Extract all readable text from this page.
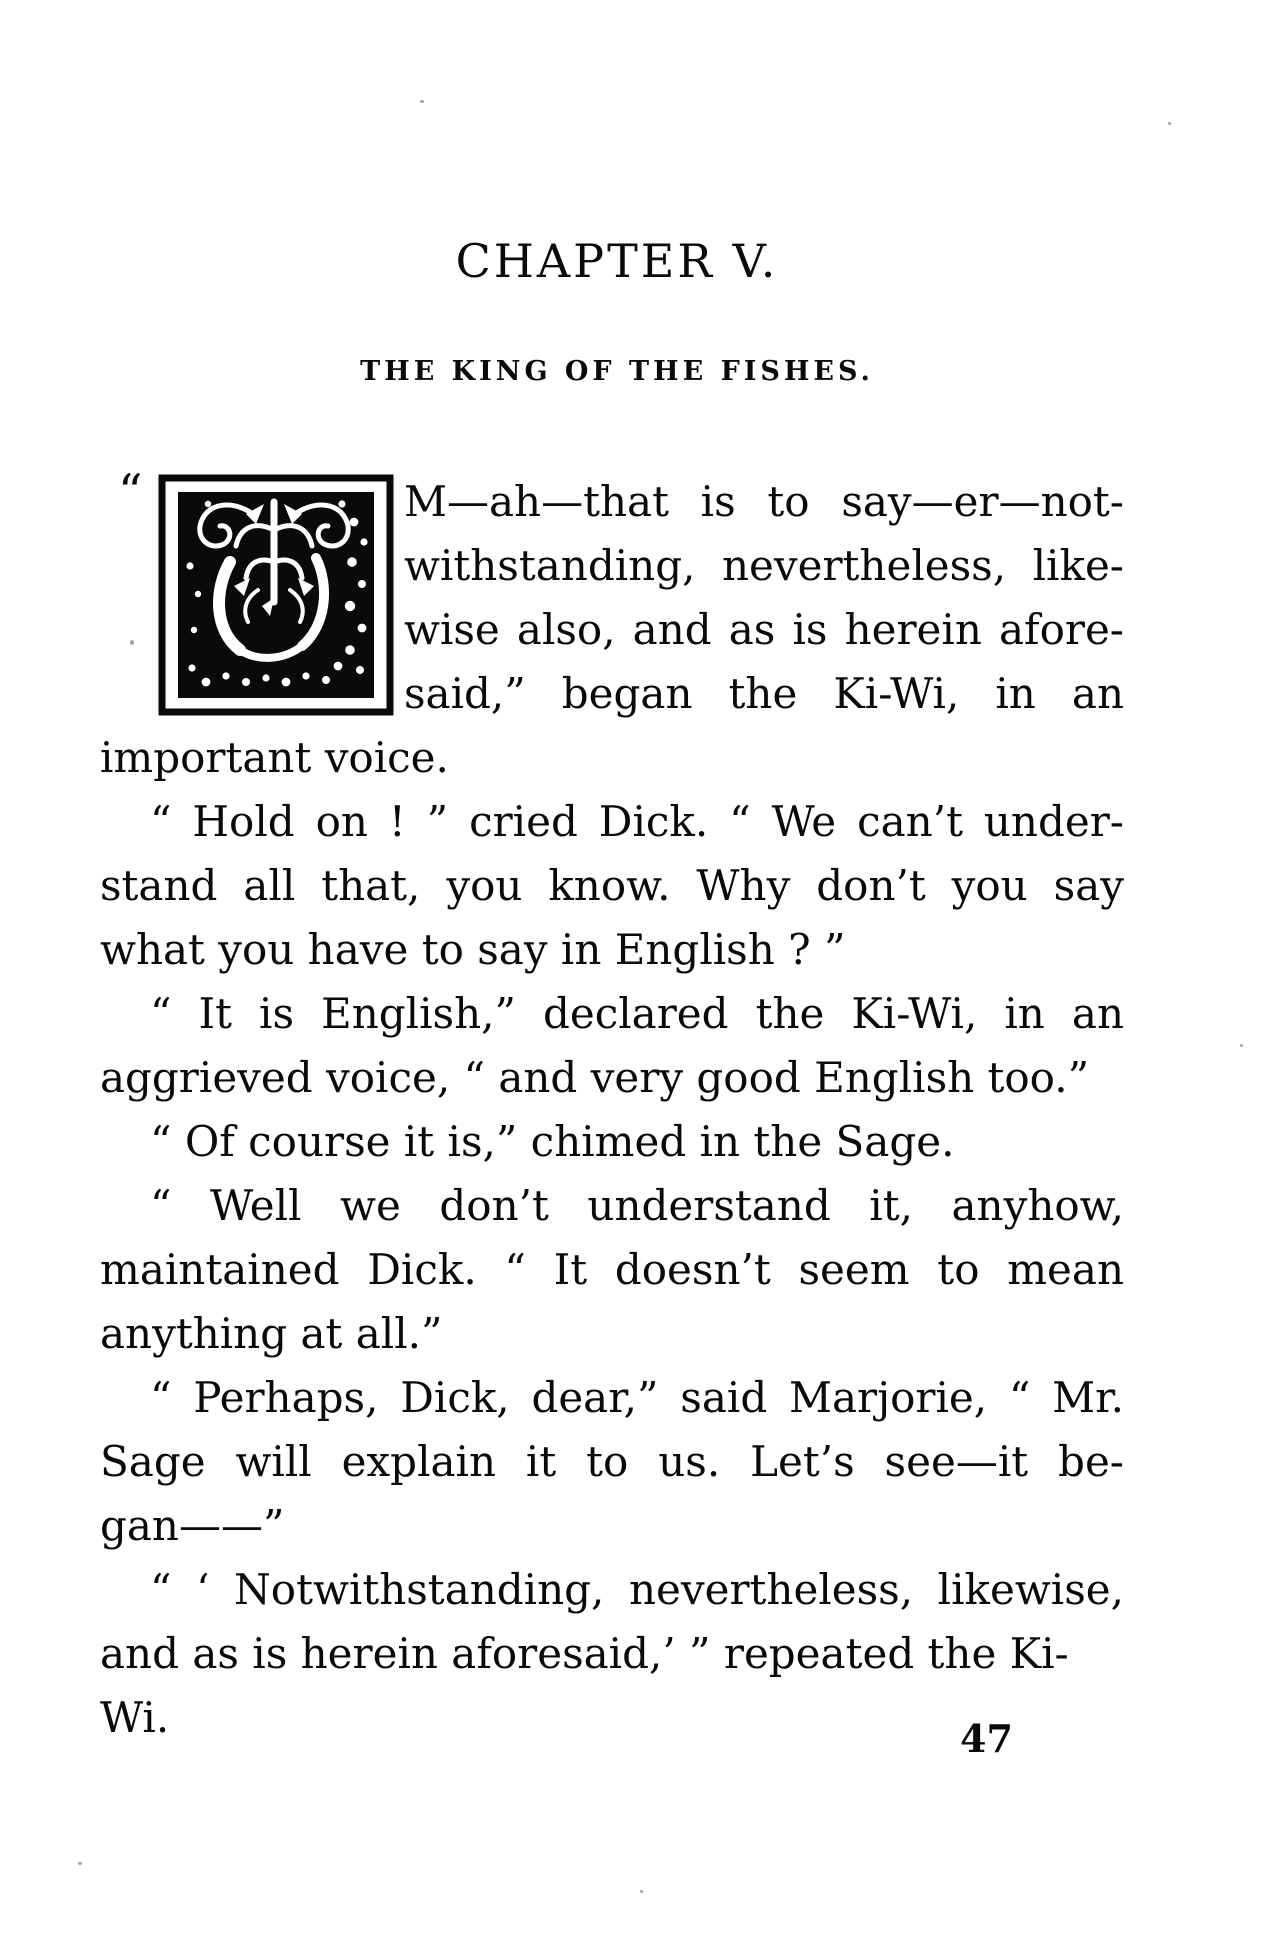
CHAPTER V.
THE KING OF THE FISHES.
“	M—ah—that is to say—er—not-
withstanding, nevertheless, like-
wise also, and as is herein afore-
said,” began the Ki-Wi, in an
important voice.
“ Hold on ! ” cried Dick. “ We can’t under-
stand all that, you know. Why don’t you say
what you have to say in English ? ”
“ It is English,” declared the Ki-Wi, in an
aggrieved voice, “ and very good English too.”
“ Of course it is,” chimed in the Sage.
“ Well we don’t understand it, anyhow,
maintained Dick. “ It doesn’t seem to mean
anything at all.”
“ Perhaps, Dick, dear,” said Marjorie, “ Mr.
Sage will explain it to us. Let’s see—it be-
gan——”
“ ‘ Notwithstanding, nevertheless, likewise,
and as is herein aforesaid,’ ” repeated the Ki-Wi.	47
